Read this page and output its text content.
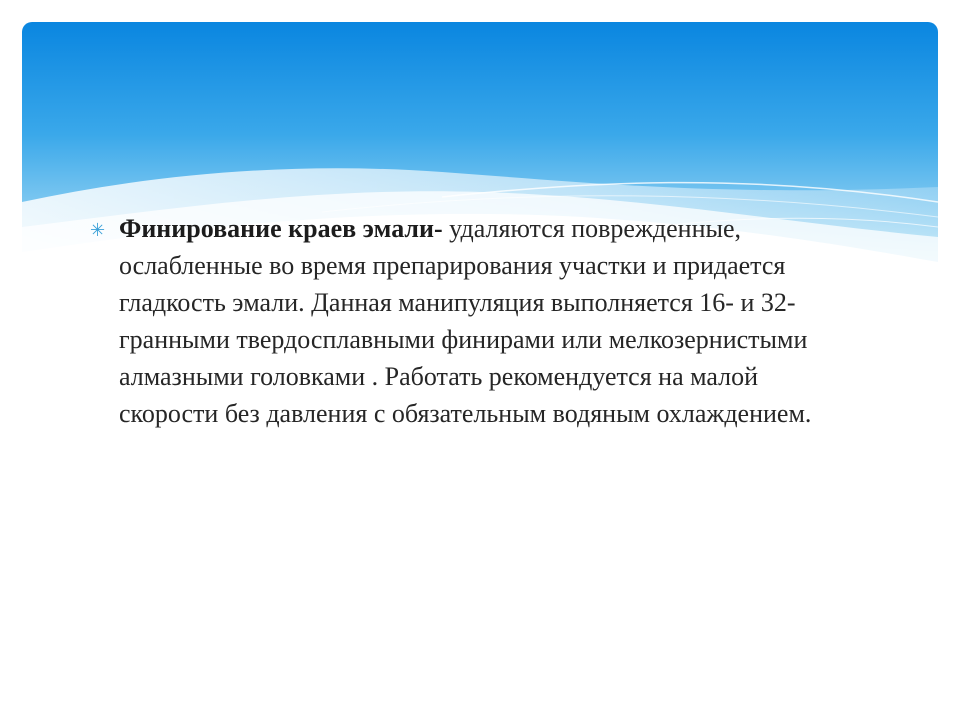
✳ Финирование краев эмали- удаляются поврежденные, ослабленные во время препарирования участки и придается гладкость эмали. Данная манипуляция выполняется 16- и 32-гранными твердосплавными финирами или мелкозернистыми алмазными головками . Работать рекомендуется на малой скорости без давления с обязательным водяным охлаждением.
